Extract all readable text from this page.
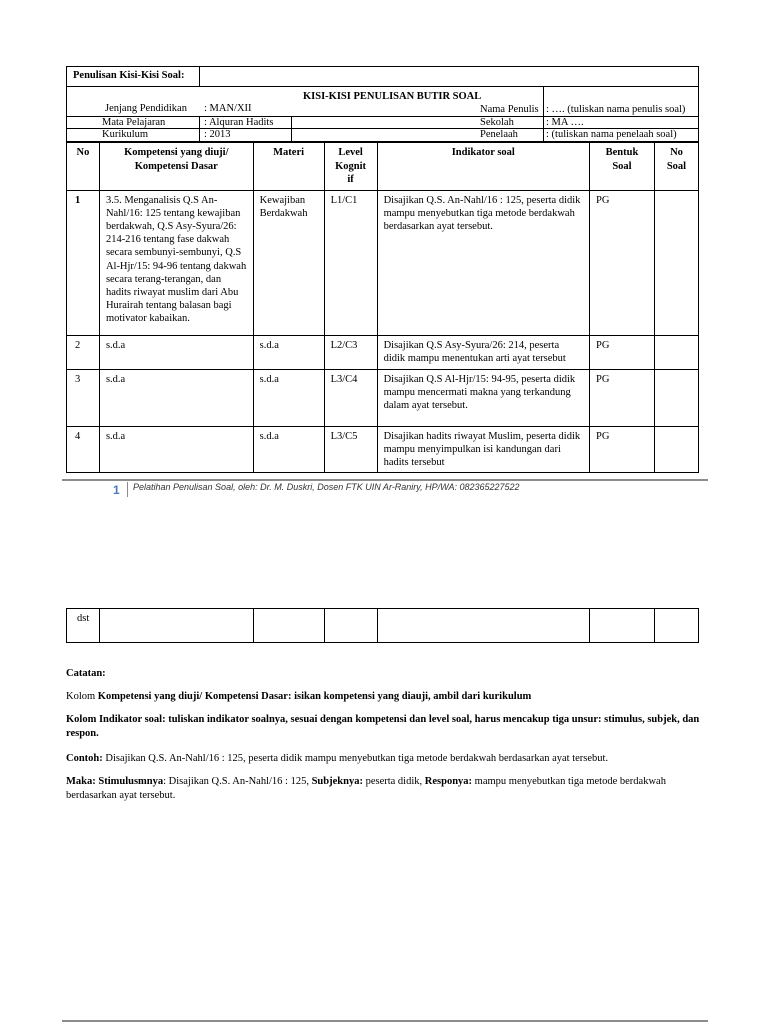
Penulisan Kisi-Kisi Soal:
KISI-KISI PENULISAN BUTIR SOAL
Jenjang Pendidikan : MAN/XII
Mata Pelajaran	: Alquran Hadits
Kurikulum	: 2013
Nama Penulis : …. (tuliskan nama penulis soal)
Sekolah	: MA ….
Penelaah	: (tuliskan nama penelaah soal)
No	Kompetensi yang diuji/ Kompetensi Dasar	Materi	Level Kognit if	Indikator soal	Bentuk Soal	No Soal
1	3.5. Menganalisis Q.S An-Nahl/16: 125 tentang kewajiban berdakwah, Q.S Asy-Syura/26: 214-216 tentang fase dakwah secara sembunyi-sembunyi, Q.S Al-Hjr/15: 94-96 tentang dakwah secara terang-terangan, dan hadits riwayat muslim dari Abu Hurairah tentang balasan bagi motivator kabaikan.	Kewajiban Berdakwah	L1/C1	Disajikan Q.S. An-Nahl/16 : 125, peserta didik mampu menyebutkan tiga metode berdakwah berdasarkan ayat tersebut.	PG	
2	s.d.a	s.d.a	L2/C3	Disajikan Q.S Asy-Syura/26: 214, peserta didik mampu menentukan arti ayat tersebut	PG	
3	s.d.a	s.d.a	L3/C4	Disajikan Q.S Al-Hjr/15: 94-95, peserta didik mampu mencermati makna yang terkandung dalam ayat tersebut.	PG	
4	s.d.a	s.d.a	L3/C5	Disajikan hadits riwayat Muslim, peserta didik mampu menyimpulkan isi kandungan dari hadits tersebut	PG	
1 Pelatihan Penulisan Soal, oleh: Dr. M. Duskri, Dosen FTK UIN Ar-Raniry, HP/WA: 082365227522
dst						
Catatan:
Kolom Kompetensi yang diuji/ Kompetensi Dasar: isikan kompetensi yang diauji, ambil dari kurikulum
Kolom Indikator soal: tuliskan indikator soalnya, sesuai dengan kompetensi dan level soal, harus mencakup tiga unsur: stimulus, subjek, dan respon.
Contoh: Disajikan Q.S. An-Nahl/16 : 125, peserta didik mampu menyebutkan tiga metode berdakwah berdasarkan ayat tersebut.
Maka: Stimulusmnya: Disajikan Q.S. An-Nahl/16 : 125, Subjeknya: peserta didik, Responya: mampu menyebutkan tiga metode berdakwah berdasarkan ayat tersebut.
